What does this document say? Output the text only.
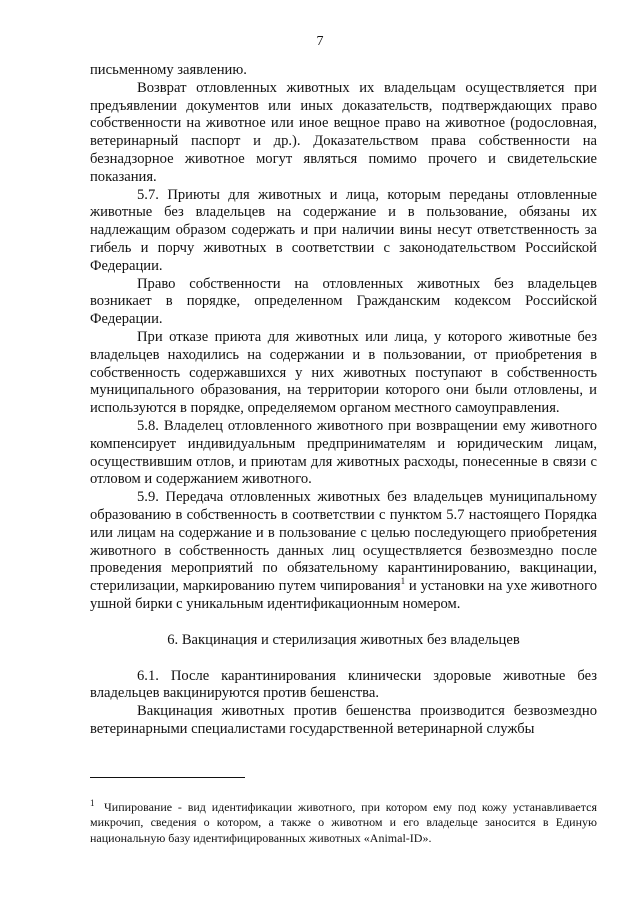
7

письменному заявлению.

Возврат отловленных животных их владельцам осуществляется при предъявлении документов или иных доказательств, подтверждающих право собственности на животное или иное вещное право на животное (родословная, ветеринарный паспорт и др.). Доказательством права собственности на безнадзорное животное могут являться помимо прочего и свидетельские показания.

5.7. Приюты для животных и лица, которым переданы отловленные животные без владельцев на содержание и в пользование, обязаны их надлежащим образом содержать и при наличии вины несут ответственность за гибель и порчу животных в соответствии с законодательством Российской Федерации.

Право собственности на отловленных животных без владельцев возникает в порядке, определенном Гражданским кодексом Российской Федерации.

При отказе приюта для животных или лица, у которого животные без владельцев находились на содержании и в пользовании, от приобретения в собственность содержавшихся у них животных поступают в собственность муниципального образования, на территории которого они были отловлены, и используются в порядке, определяемом органом местного самоуправления.

5.8. Владелец отловленного животного при возвращении ему животного компенсирует индивидуальным предпринимателям и юридическим лицам, осуществившим отлов, и приютам для животных расходы, понесенные в связи с отловом и содержанием животного.

5.9. Передача отловленных животных без владельцев муниципальному образованию в собственность в соответствии с пунктом 5.7 настоящего Порядка или лицам на содержание и в пользование с целью последующего приобретения животного в собственность данных лиц осуществляется безвозмездно после проведения мероприятий по обязательному карантинированию, вакцинации, стерилизации, маркированию путем чипирования$^1$ и установки на ухе животного ушной бирки с уникальным идентификационным номером.

6. Вакцинация и стерилизация животных без владельцев

6.1. После карантинирования клинически здоровые животные без владельцев вакцинируются против бешенства.

Вакцинация животных против бешенства производится безвозмездно ветеринарными специалистами государственной ветеринарной службы

1 Чипирование - вид идентификации животного, при котором ему под кожу устанавливается микрочип, сведения о котором, а также о животном и его владельце заносится в Единую национальную базу идентифицированных животных «Animal-ID».
